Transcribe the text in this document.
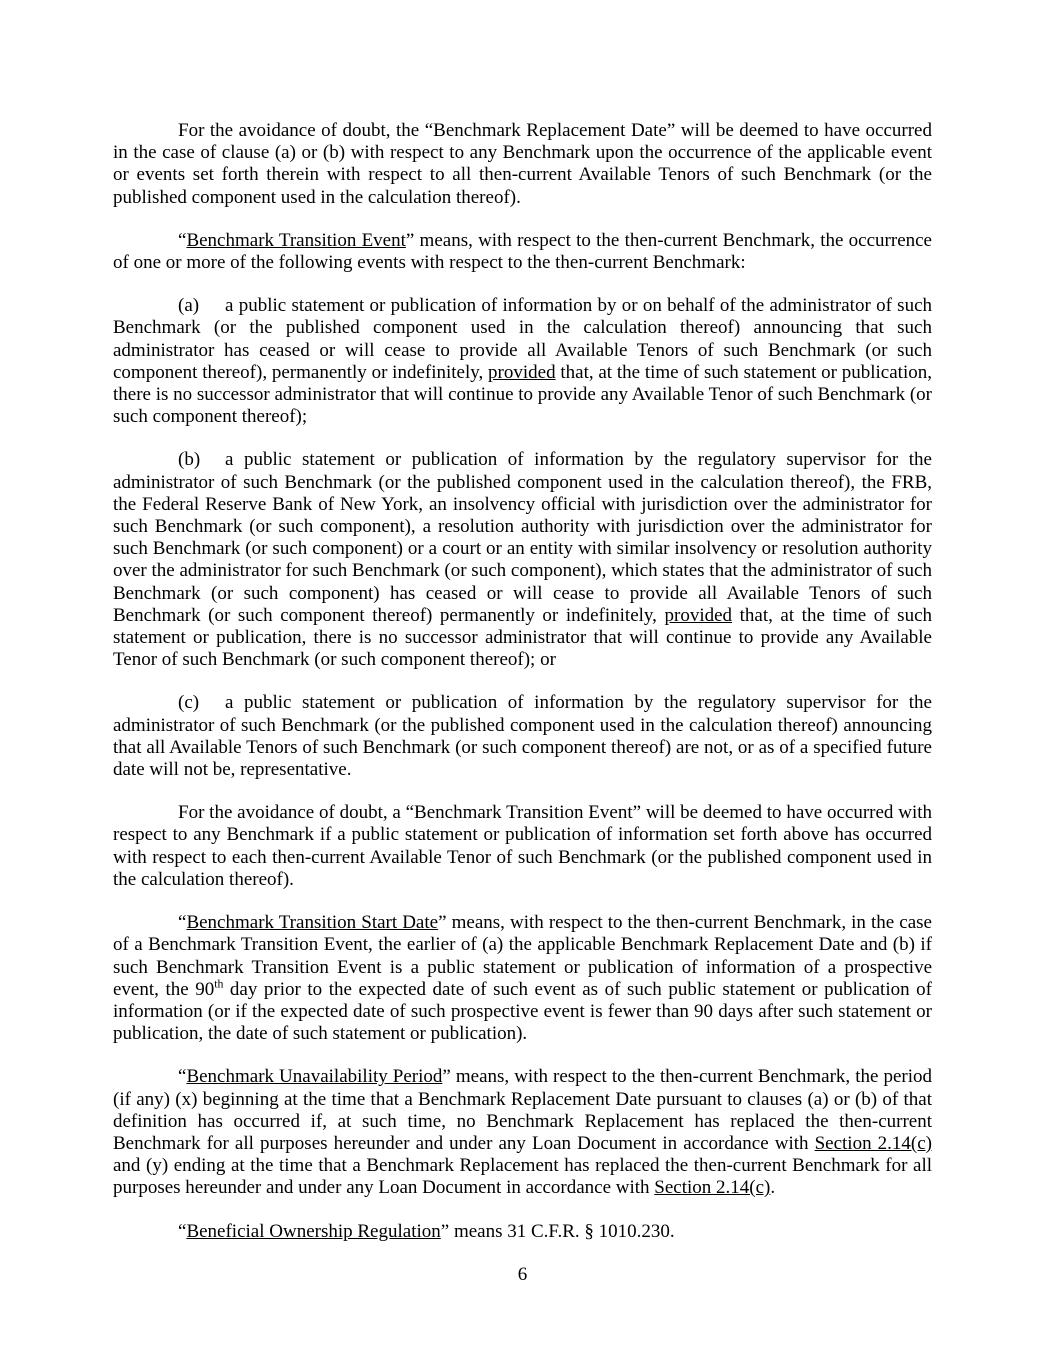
For the avoidance of doubt, the “Benchmark Replacement Date” will be deemed to have occurred in the case of clause (a) or (b) with respect to any Benchmark upon the occurrence of the applicable event or events set forth therein with respect to all then-current Available Tenors of such Benchmark (or the published component used in the calculation thereof).

“Benchmark Transition Event” means, with respect to the then-current Benchmark, the occurrence of one or more of the following events with respect to the then-current Benchmark:

(a) a public statement or publication of information by or on behalf of the administrator of such Benchmark (or the published component used in the calculation thereof) announcing that such administrator has ceased or will cease to provide all Available Tenors of such Benchmark (or such component thereof), permanently or indefinitely, provided that, at the time of such statement or publication, there is no successor administrator that will continue to provide any Available Tenor of such Benchmark (or such component thereof);

(b) a public statement or publication of information by the regulatory supervisor for the administrator of such Benchmark (or the published component used in the calculation thereof), the FRB, the Federal Reserve Bank of New York, an insolvency official with jurisdiction over the administrator for such Benchmark (or such component), a resolution authority with jurisdiction over the administrator for such Benchmark (or such component) or a court or an entity with similar insolvency or resolution authority over the administrator for such Benchmark (or such component), which states that the administrator of such Benchmark (or such component) has ceased or will cease to provide all Available Tenors of such Benchmark (or such component thereof) permanently or indefinitely, provided that, at the time of such statement or publication, there is no successor administrator that will continue to provide any Available Tenor of such Benchmark (or such component thereof); or

(c) a public statement or publication of information by the regulatory supervisor for the administrator of such Benchmark (or the published component used in the calculation thereof) announcing that all Available Tenors of such Benchmark (or such component thereof) are not, or as of a specified future date will not be, representative.

For the avoidance of doubt, a “Benchmark Transition Event” will be deemed to have occurred with respect to any Benchmark if a public statement or publication of information set forth above has occurred with respect to each then-current Available Tenor of such Benchmark (or the published component used in the calculation thereof).

“Benchmark Transition Start Date” means, with respect to the then-current Benchmark, in the case of a Benchmark Transition Event, the earlier of (a) the applicable Benchmark Replacement Date and (b) if such Benchmark Transition Event is a public statement or publication of information of a prospective event, the 90th day prior to the expected date of such event as of such public statement or publication of information (or if the expected date of such prospective event is fewer than 90 days after such statement or publication, the date of such statement or publication).

“Benchmark Unavailability Period” means, with respect to the then-current Benchmark, the period (if any) (x) beginning at the time that a Benchmark Replacement Date pursuant to clauses (a) or (b) of that definition has occurred if, at such time, no Benchmark Replacement has replaced the then-current Benchmark for all purposes hereunder and under any Loan Document in accordance with Section 2.14(c) and (y) ending at the time that a Benchmark Replacement has replaced the then-current Benchmark for all purposes hereunder and under any Loan Document in accordance with Section 2.14(c).

“Beneficial Ownership Regulation” means 31 C.F.R. § 1010.230.

6
